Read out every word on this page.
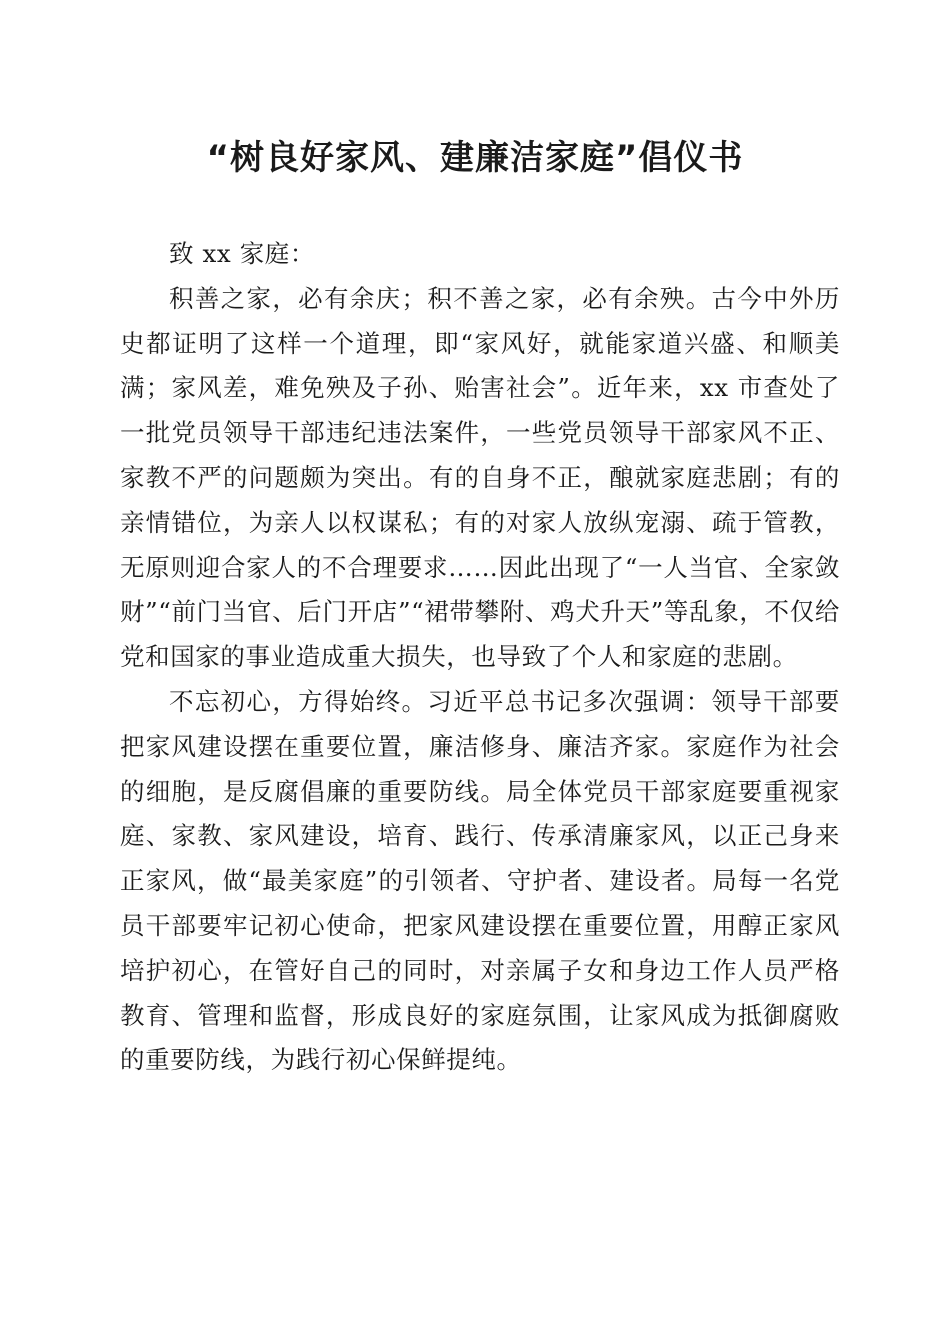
“树良好家风、建廉洁家庭”倡仪书

致 xx 家庭：

积善之家，必有余庆；积不善之家，必有余殃。古今中外历史都证明了这样一个道理，即“家风好，就能家道兴盛、和顺美满；家风差，难免殃及子孙、贻害社会”。近年来，xx 市查处了一批党员领导干部违纪违法案件，一些党员领导干部家风不正、家教不严的问题颇为突出。有的自身不正，酿就家庭悲剧；有的亲情错位，为亲人以权谋私；有的对家人放纵宠溺、疏于管教，无原则迎合家人的不合理要求……因此出现了“一人当官、全家敛财”“前门当官、后门开店”“裙带攀附、鸡犬升天”等乱象，不仅给党和国家的事业造成重大损失，也导致了个人和家庭的悲剧。

不忘初心，方得始终。习近平总书记多次强调：领导干部要把家风建设摆在重要位置，廉洁修身、廉洁齐家。家庭作为社会的细胞，是反腐倡廉的重要防线。局全体党员干部家庭要重视家庭、家教、家风建设，培育、践行、传承清廉家风，以正己身来正家风，做“最美家庭”的引领者、守护者、建设者。局每一名党员干部要牢记初心使命，把家风建设摆在重要位置，用醇正家风培护初心，在管好自己的同时，对亲属子女和身边工作人员严格教育、管理和监督，形成良好的家庭氛围，让家风成为抵御腐败的重要防线，为践行初心保鲜提纯。
